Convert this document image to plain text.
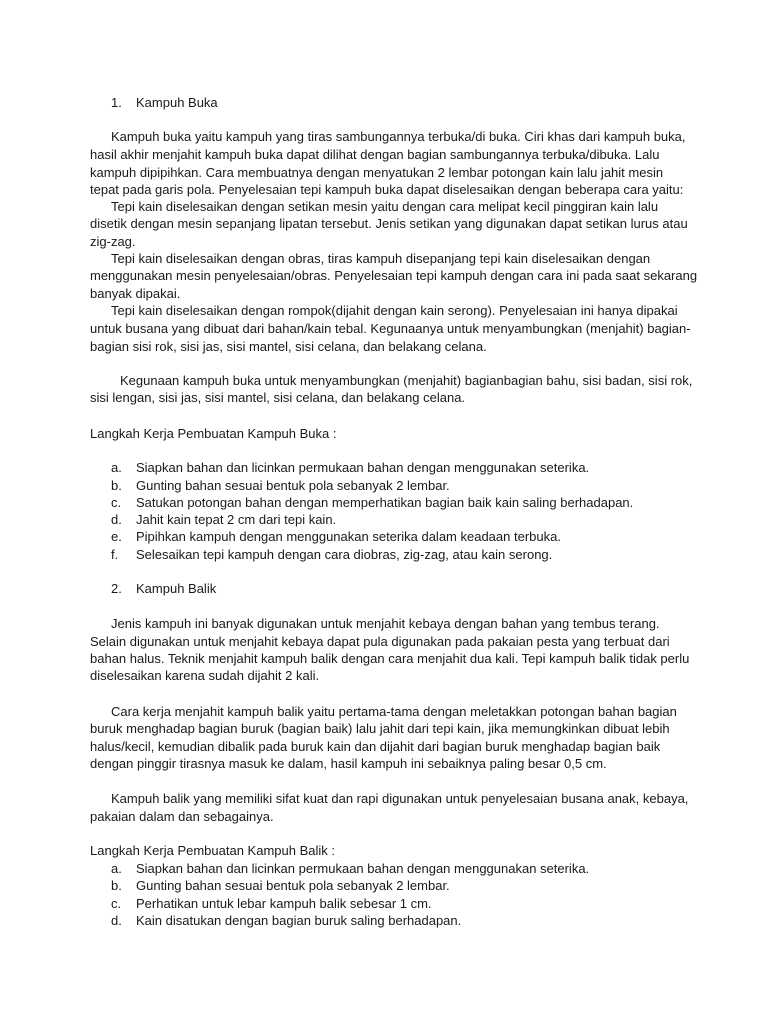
1. Kampuh Buka
Kampuh buka yaitu kampuh yang tiras sambungannya terbuka/di buka. Ciri khas dari kampuh buka,
hasil akhir menjahit kampuh buka dapat dilihat dengan bagian sambungannya terbuka/dibuka. Lalu
kampuh dipipihkan. Cara membuatnya dengan menyatukan 2 lembar potongan kain lalu jahit mesin
tepat pada garis pola. Penyelesaian tepi kampuh buka dapat diselesaikan dengan beberapa cara yaitu:
Tepi kain diselesaikan dengan setikan mesin yaitu dengan cara melipat kecil pinggiran kain lalu
disetik dengan mesin sepanjang lipatan tersebut. Jenis setikan yang digunakan dapat setikan lurus atau
zig-zag.
Tepi kain diselesaikan dengan obras, tiras kampuh disepanjang tepi kain diselesaikan dengan
menggunakan mesin penyelesaian/obras. Penyelesaian tepi kampuh dengan cara ini pada saat sekarang
banyak dipakai.
Tepi kain diselesaikan dengan rompok(dijahit dengan kain serong). Penyelesaian ini hanya dipakai
untuk busana yang dibuat dari bahan/kain tebal. Kegunaanya untuk menyambungkan (menjahit) bagian-
bagian sisi rok, sisi jas, sisi mantel, sisi celana, dan belakang celana.
Kegunaan kampuh buka untuk menyambungkan (menjahit) bagianbagian bahu, sisi badan, sisi rok,
sisi lengan, sisi jas, sisi mantel, sisi celana, dan belakang celana.
Langkah Kerja Pembuatan Kampuh Buka :
a. Siapkan bahan dan licinkan permukaan bahan dengan menggunakan seterika.
b. Gunting bahan sesuai bentuk pola sebanyak 2 lembar.
c. Satukan potongan bahan dengan memperhatikan bagian baik kain saling berhadapan.
d. Jahit kain tepat 2 cm dari tepi kain.
e. Pipihkan kampuh dengan menggunakan seterika dalam keadaan terbuka.
f. Selesaikan tepi kampuh dengan cara diobras, zig-zag, atau kain serong.
2. Kampuh Balik
Jenis kampuh ini banyak digunakan untuk menjahit kebaya dengan bahan yang tembus terang.
Selain digunakan untuk menjahit kebaya dapat pula digunakan pada pakaian pesta yang terbuat dari
bahan halus. Teknik menjahit kampuh balik dengan cara menjahit dua kali. Tepi kampuh balik tidak perlu
diselesaikan karena sudah dijahit 2 kali.
Cara kerja menjahit kampuh balik yaitu pertama-tama dengan meletakkan potongan bahan bagian
buruk menghadap bagian buruk (bagian baik) lalu jahit dari tepi kain, jika memungkinkan dibuat lebih
halus/kecil, kemudian dibalik pada buruk kain dan dijahit dari bagian buruk menghadap bagian baik
dengan pinggir tirasnya masuk ke dalam, hasil kampuh ini sebaiknya paling besar 0,5 cm.
Kampuh balik yang memiliki sifat kuat dan rapi digunakan untuk penyelesaian busana anak, kebaya,
pakaian dalam dan sebagainya.
Langkah Kerja Pembuatan Kampuh Balik :
a. Siapkan bahan dan licinkan permukaan bahan dengan menggunakan seterika.
b. Gunting bahan sesuai bentuk pola sebanyak 2 lembar.
c. Perhatikan untuk lebar kampuh balik sebesar 1 cm.
d. Kain disatukan dengan bagian buruk saling berhadapan.
